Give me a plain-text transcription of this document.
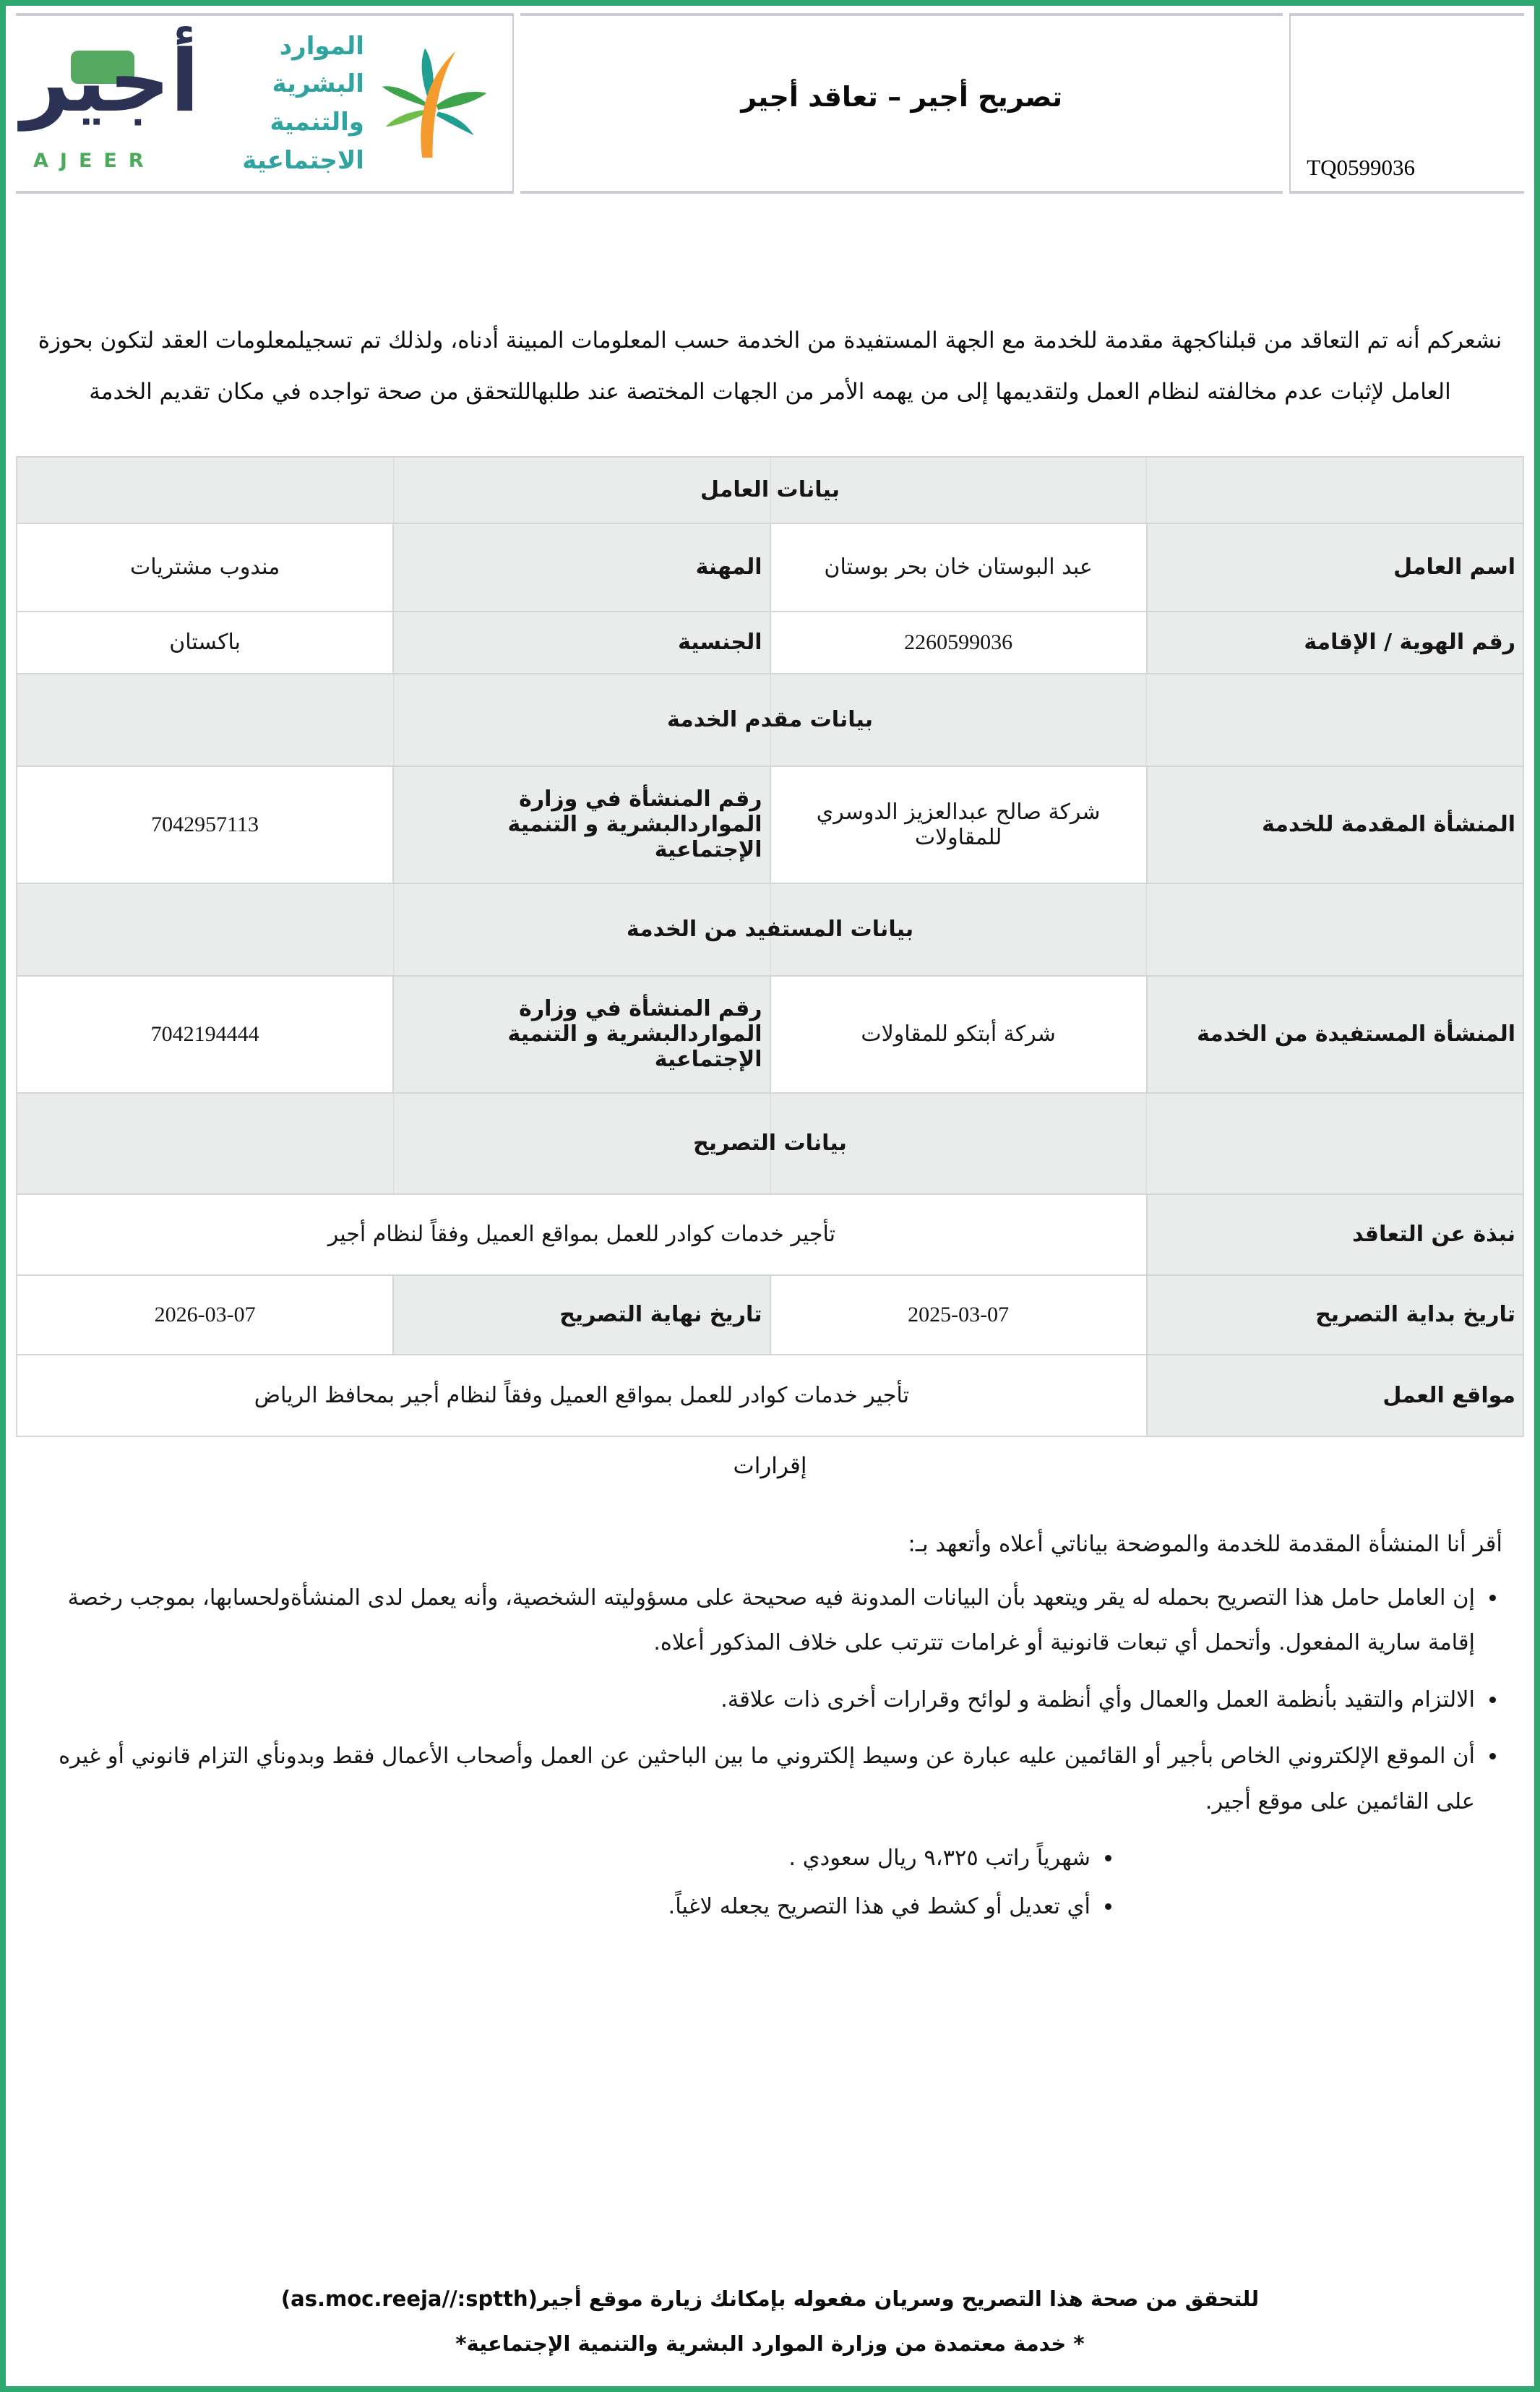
TQ0599036
تصريح أجير – تعاقد أجير
أجير
AJEER
الموارد البشرية
والتنمية الاجتماعية

نشعركم أنه تم التعاقد من قبلناكجهة مقدمة للخدمة مع الجهة المستفيدة من الخدمة حسب المعلومات المبينة أدناه، ولذلك تم تسجيلمعلومات العقد لتكون بحوزة العامل لإثبات عدم مخالفته لنظام العمل ولتقديمها إلى من يهمه الأمر من الجهات المختصة عند طلبهاللتحقق من صحة تواجده في مكان تقديم الخدمة

بيانات العامل			
اسم العامل	عبد البوستان خان بحر بوستان	المهنة	مندوب مشتريات
رقم الهوية / الإقامة	2260599036	الجنسية	باكستان
بيانات مقدم الخدمة			
المنشأة المقدمة للخدمة	شركة صالح عبدالعزيز الدوسري للمقاولات	رقم المنشأة في وزارة المواردالبشرية و التنمية الإجتماعية	7042957113
بيانات المستفيد من الخدمة			
المنشأة المستفيدة من الخدمة	شركة أبتكو للمقاولات	رقم المنشأة في وزارة المواردالبشرية و التنمية الإجتماعية	7042194444
بيانات التصريح			
نبذة عن التعاقد	تأجير خدمات كوادر للعمل بمواقع العميل وفقاً لنظام أجير		
تاريخ بداية التصريح	2025-03-07	تاريخ نهاية التصريح	2026-03-07
مواقع العمل	تأجير خدمات كوادر للعمل بمواقع العميل وفقاً لنظام أجير بمحافظ الرياض		
إقرارات
أقر أنا المنشأة المقدمة للخدمة والموضحة بياناتي أعلاه وأتعهد بـ:
• إن العامل حامل هذا التصريح بحمله له يقر ويتعهد بأن البيانات المدونة فيه صحيحة على مسؤوليته الشخصية، وأنه يعمل لدى المنشأةولحسابها، بموجب رخصة إقامة سارية المفعول. وأتحمل أي تبعات قانونية أو غرامات تترتب على خلاف المذكور أعلاه.
• الالتزام والتقيد بأنظمة العمل والعمال وأي أنظمة و لوائح وقرارات أخرى ذات علاقة.
• أن الموقع الإلكتروني الخاص بأجير أو القائمين عليه عبارة عن وسيط إلكتروني ما بين الباحثين عن العمل وأصحاب الأعمال فقط وبدونأي التزام قانوني أو غيره على القائمين على موقع أجير.
• شهرياً راتب ٩،٣٢٥ ريال سعودي .
• أي تعديل أو كشط في هذا التصريح يجعله لاغياً.
للتحقق من صحة هذا التصريح وسريان مفعوله بإمكانك زيارة موقع أجير(as.moc.reeja//:sptth)
* خدمة معتمدة من وزارة الموارد البشرية والتنمية الإجتماعية*
